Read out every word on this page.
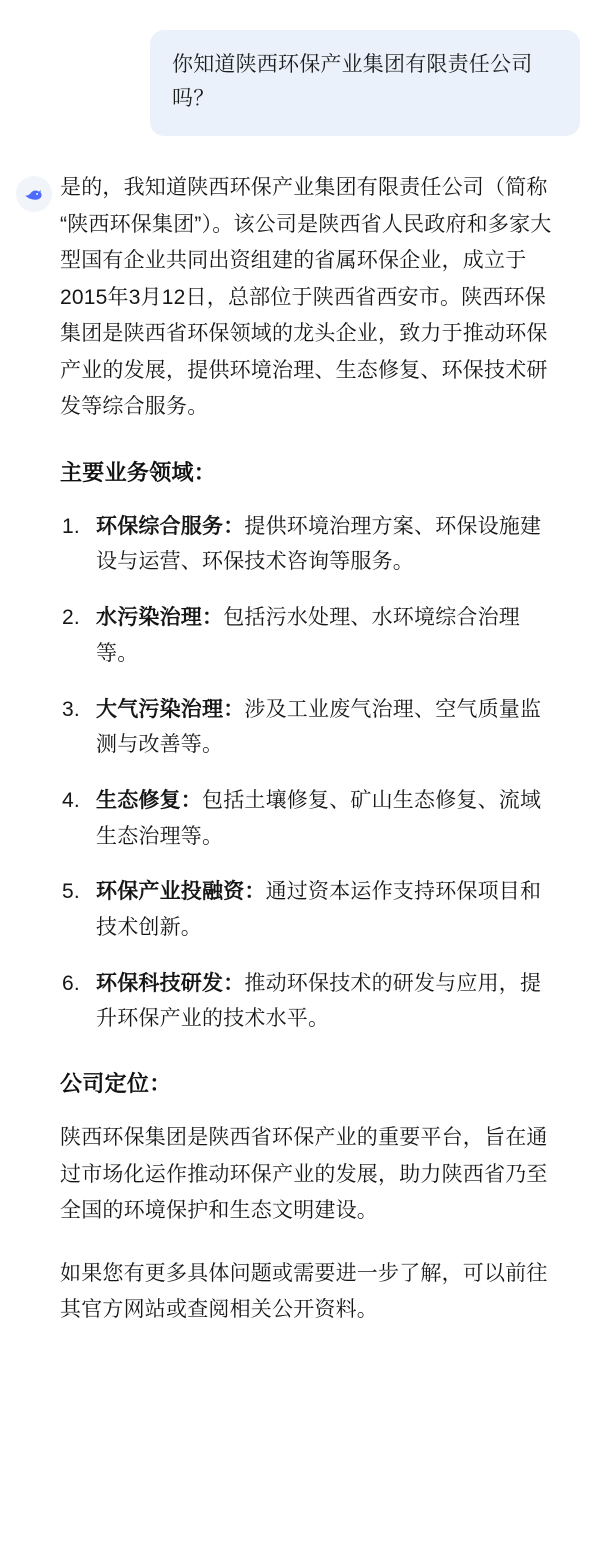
你知道陕西环保产业集团有限责任公司吗？

是的，我知道陕西环保产业集团有限责任公司（简称“陕西环保集团”）。该公司是陕西省人民政府和多家大型国有企业共同出资组建的省属环保企业，成立于2015年3月12日，总部位于陕西省西安市。陕西环保集团是陕西省环保领域的龙头企业，致力于推动环保产业的发展，提供环境治理、生态修复、环保技术研发等综合服务。

主要业务领域：
1. 环保综合服务：提供环境治理方案、环保设施建设与运营、环保技术咨询等服务。
2. 水污染治理：包括污水处理、水环境综合治理等。
3. 大气污染治理：涉及工业废气治理、空气质量监测与改善等。
4. 生态修复：包括土壤修复、矿山生态修复、流域生态治理等。
5. 环保产业投融资：通过资本运作支持环保项目和技术创新。
6. 环保科技研发：推动环保技术的研发与应用，提升环保产业的技术水平。
公司定位：

陕西环保集团是陕西省环保产业的重要平台，旨在通过市场化运作推动环保产业的发展，助力陕西省乃至全国的环境保护和生态文明建设。

如果您有更多具体问题或需要进一步了解，可以前往其官方网站或查阅相关公开资料。
